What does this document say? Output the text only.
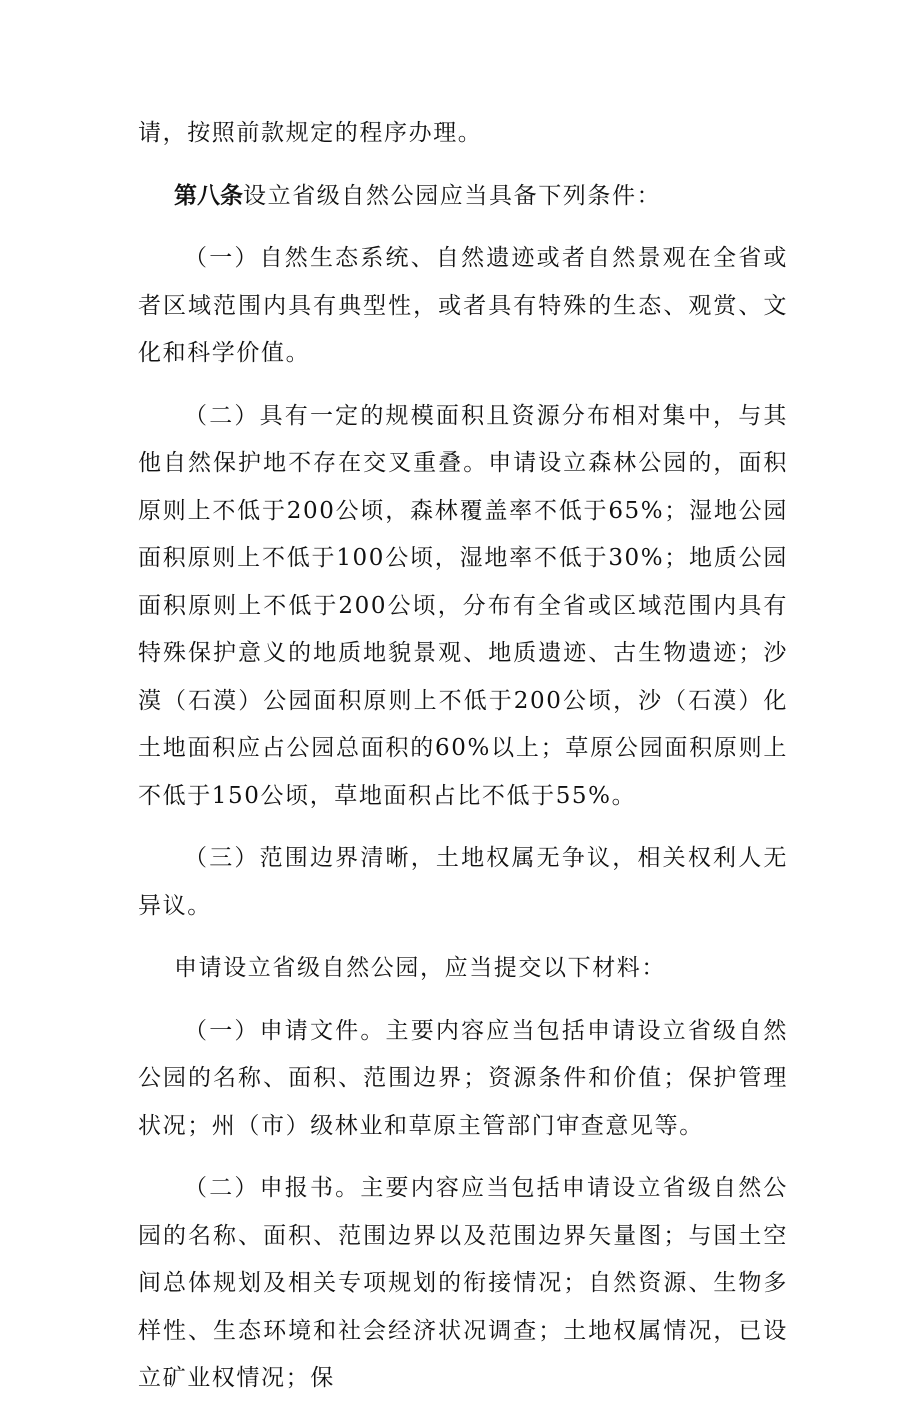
请，按照前款规定的程序办理。

第八条设立省级自然公园应当具备下列条件：

（一）自然生态系统、自然遗迹或者自然景观在全省或者区域范围内具有典型性，或者具有特殊的生态、观赏、文化和科学价值。

（二）具有一定的规模面积且资源分布相对集中，与其他自然保护地不存在交叉重叠。申请设立森林公园的，面积原则上不低于200公顷，森林覆盖率不低于65%；湿地公园面积原则上不低于100公顷，湿地率不低于30%；地质公园面积原则上不低于200公顷，分布有全省或区域范围内具有特殊保护意义的地质地貌景观、地质遗迹、古生物遗迹；沙漠（石漠）公园面积原则上不低于200公顷，沙（石漠）化土地面积应占公园总面积的60%以上；草原公园面积原则上不低于150公顷，草地面积占比不低于55%。

（三）范围边界清晰，土地权属无争议，相关权利人无异议。

申请设立省级自然公园，应当提交以下材料：

（一）申请文件。主要内容应当包括申请设立省级自然公园的名称、面积、范围边界；资源条件和价值；保护管理状况；州（市）级林业和草原主管部门审查意见等。

（二）申报书。主要内容应当包括申请设立省级自然公园的名称、面积、范围边界以及范围边界矢量图；与国土空间总体规划及相关专项规划的衔接情况；自然资源、生物多样性、生态环境和社会经济状况调查；土地权属情况，已设立矿业权情况；保
